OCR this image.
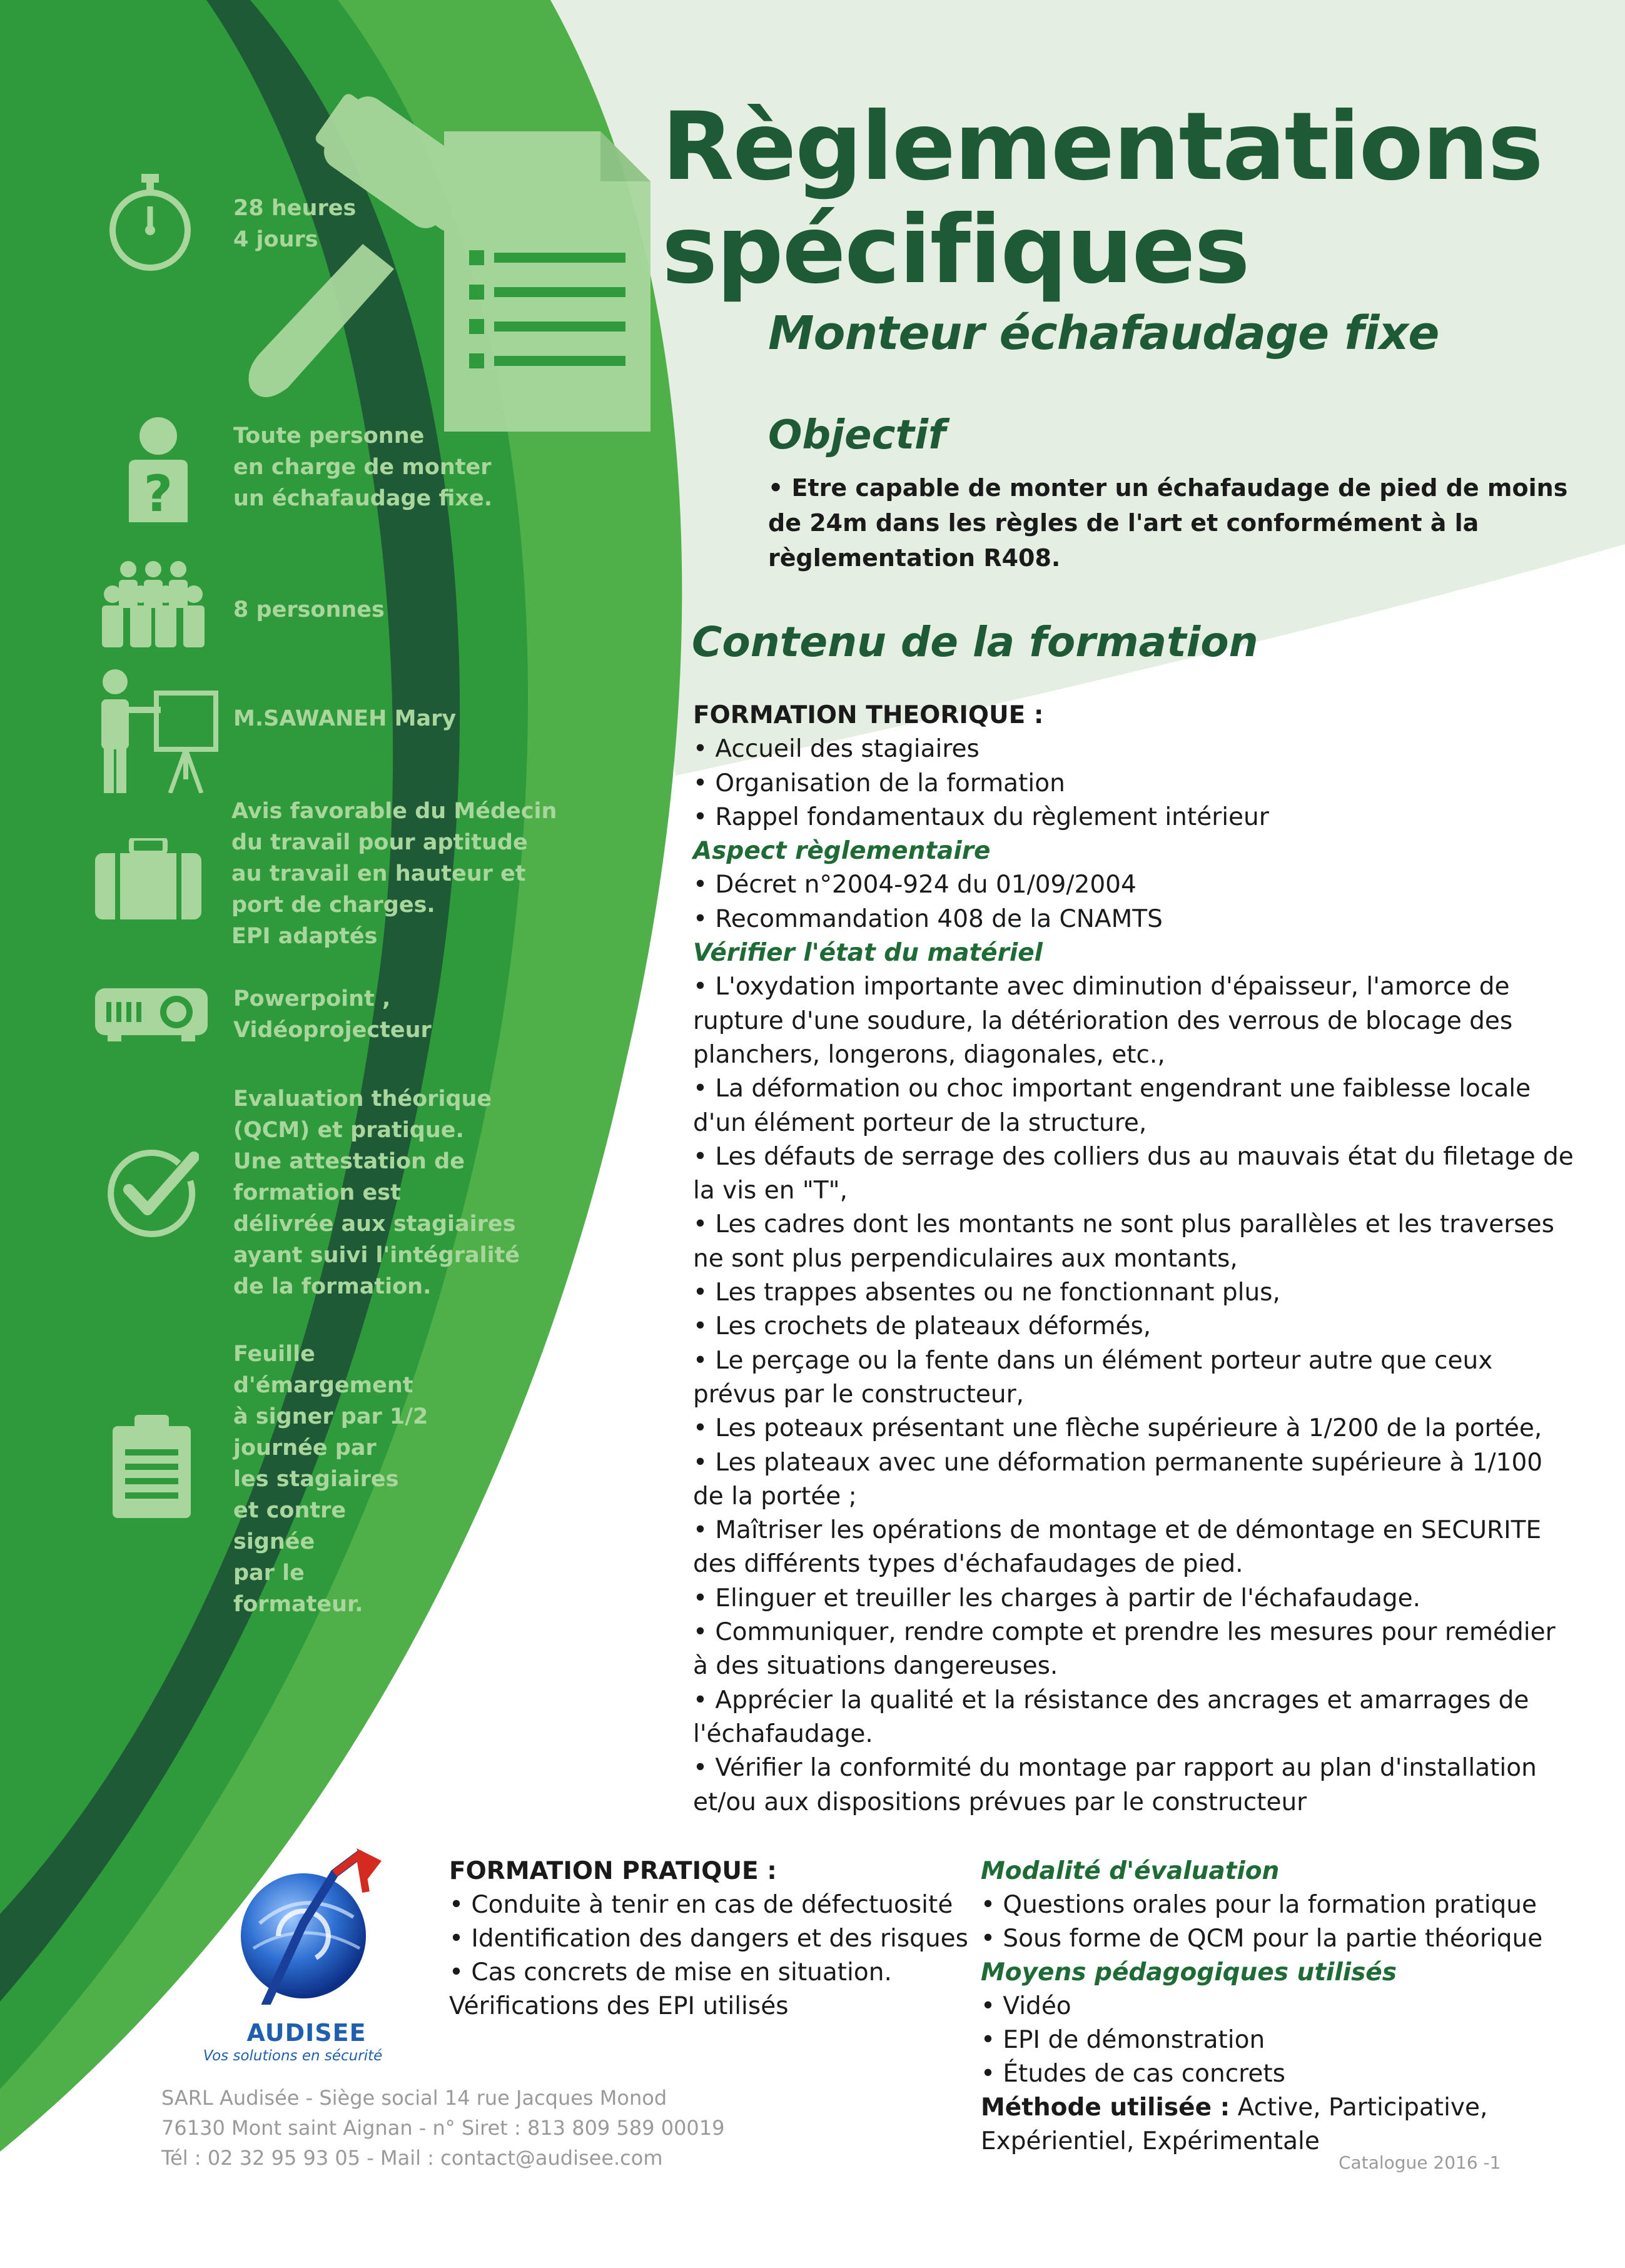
28 heures
4 jours
?
Toute personne
en charge de monter
un échafaudage fixe.
8 personnes
M.SAWANEH Mary
Avis favorable du Médecin
du travail pour aptitude
au travail en hauteur et
port de charges.
EPI adaptés
Powerpoint ,
Vidéoprojecteur
Evaluation théorique
(QCM) et pratique.
Une attestation de
formation est
délivrée aux stagiaires
ayant suivi l'intégralité
de la formation.
Feuille
d'émargement
à signer par 1/2
journée par
les stagiaires
et contre
signée
par le
formateur.
Règlementations
spécifiques
Monteur échafaudage fixe
Objectif
• Etre capable de monter un échafaudage de pied de moins
de 24m dans les règles de l'art et conformément à la
règlementation R408.
Contenu de la formation
FORMATION THEORIQUE :
• Accueil des stagiaires
• Organisation de la formation
• Rappel fondamentaux du règlement intérieur
Aspect règlementaire
• Décret n°2004-924 du 01/09/2004
• Recommandation 408 de la CNAMTS
Vérifier l'état du matériel
• L'oxydation importante avec diminution d'épaisseur, l'amorce de
rupture d'une soudure, la détérioration des verrous de blocage des
planchers, longerons, diagonales, etc.,
• La déformation ou choc important engendrant une faiblesse locale
d'un élément porteur de la structure,
• Les défauts de serrage des colliers dus au mauvais état du filetage de
la vis en "T",
• Les cadres dont les montants ne sont plus parallèles et les traverses
ne sont plus perpendiculaires aux montants,
• Les trappes absentes ou ne fonctionnant plus,
• Les crochets de plateaux déformés,
• Le perçage ou la fente dans un élément porteur autre que ceux
prévus par le constructeur,
• Les poteaux présentant une flèche supérieure à 1/200 de la portée,
• Les plateaux avec une déformation permanente supérieure à 1/100
de la portée ;
• Maîtriser les opérations de montage et de démontage en SECURITE
des différents types d'échafaudages de pied.
• Elinguer et treuiller les charges à partir de l'échafaudage.
• Communiquer, rendre compte et prendre les mesures pour remédier
à des situations dangereuses.
• Apprécier la qualité et la résistance des ancrages et amarrages de
l'échafaudage.
• Vérifier la conformité du montage par rapport au plan d'installation
et/ou aux dispositions prévues par le constructeur
AUDISEE
Vos solutions en sécurité
FORMATION PRATIQUE :
• Conduite à tenir en cas de défectuosité
• Identification des dangers et des risques
• Cas concrets de mise en situation.
Vérifications des EPI utilisés
Modalité d'évaluation
• Questions orales pour la formation pratique
• Sous forme de QCM pour la partie théorique
Moyens pédagogiques utilisés
• Vidéo
• EPI de démonstration
• Études de cas concrets
Méthode utilisée : Active, Participative,
Expérientiel, Expérimentale
SARL Audisée - Siège social 14 rue Jacques Monod
76130 Mont saint Aignan - n° Siret : 813 809 589 00019
Tél : 02 32 95 93 05 - Mail : contact@audisee.com	Catalogue 2016 -1
